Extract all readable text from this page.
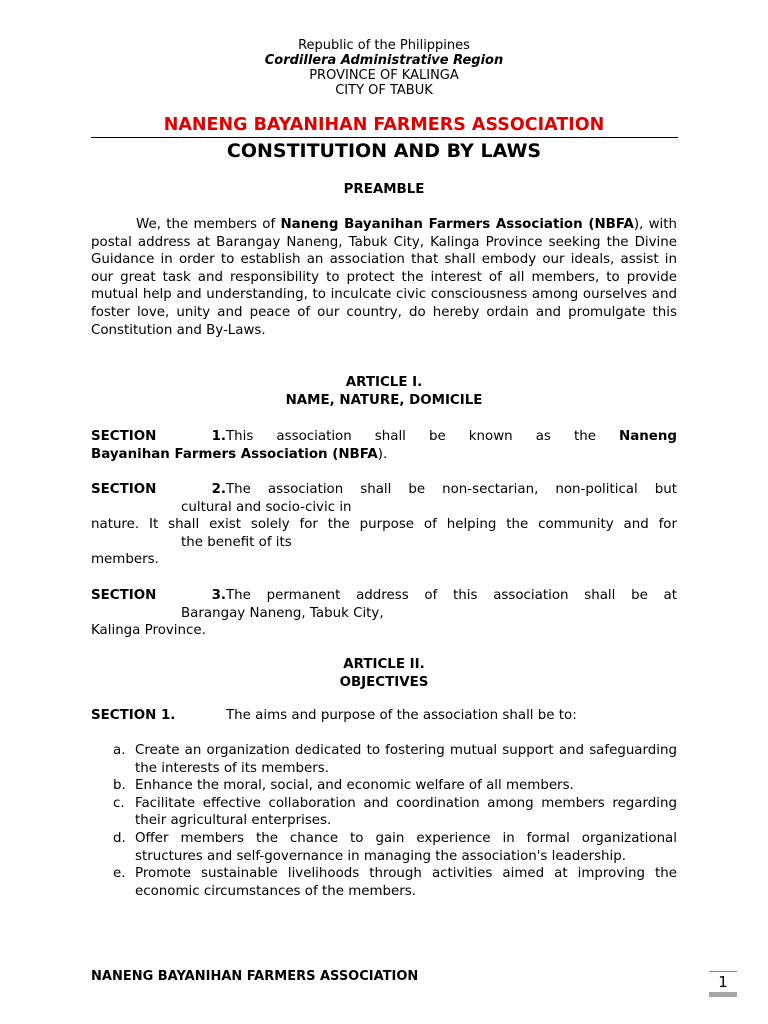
Republic of the Philippines
Cordillera Administrative Region
PROVINCE OF KALINGA
CITY OF TABUK
NANENG BAYANIHAN FARMERS ASSOCIATION
CONSTITUTION AND BY LAWS
PREAMBLE
We, the members of Naneng Bayanihan Farmers Association (NBFA), with postal address at Barangay Naneng, Tabuk City, Kalinga Province seeking the Divine Guidance in order to establish an association that shall embody our ideals, assist in our great task and responsibility to protect the interest of all members, to provide mutual help and understanding, to inculcate civic consciousness among ourselves and foster love, unity and peace of our country, do hereby ordain and promulgate this Constitution and By-Laws.
ARTICLE I.
NAME, NATURE, DOMICILE
SECTION 1.This association shall be known as the Naneng
Bayanihan Farmers Association (NBFA).
SECTION 2.The association shall be non-sectarian, non-political but
cultural and socio-civic in
nature. It shall exist solely for the purpose of helping the community and for
the benefit of its
members.
SECTION 3.The permanent address of this association shall be at
Barangay Naneng, Tabuk City,
Kalinga Province.
ARTICLE II.
OBJECTIVES
SECTION 1.	The aims and purpose of the association shall be to:
a. Create an organization dedicated to fostering mutual support and safeguarding the interests of its members.
b. Enhance the moral, social, and economic welfare of all members.
c. Facilitate effective collaboration and coordination among members regarding their agricultural enterprises.
d. Offer members the chance to gain experience in formal organizational structures and self-governance in managing the association's leadership.
e. Promote sustainable livelihoods through activities aimed at improving the economic circumstances of the members.
NANENG BAYANIHAN FARMERS ASSOCIATION	1
